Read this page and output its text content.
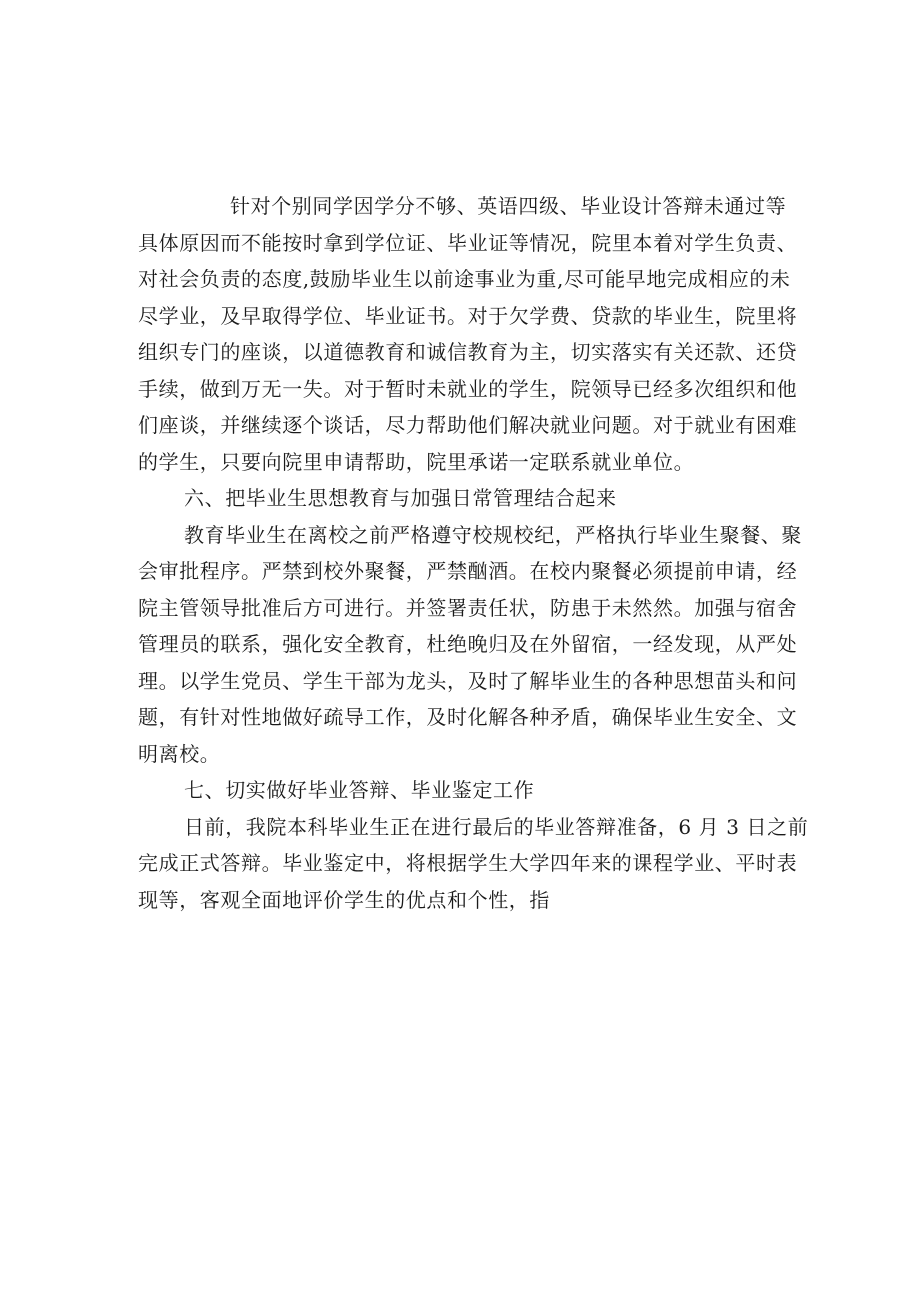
针对个别同学因学分不够、英语四级、毕业设计答辩未通过等
具体原因而不能按时拿到学位证、毕业证等情况，院里本着对学生负责、
对社会负责的态度,鼓励毕业生以前途事业为重,尽可能早地完成相应的未
尽学业，及早取得学位、毕业证书。对于欠学费、贷款的毕业生，院里将
组织专门的座谈，以道德教育和诚信教育为主，切实落实有关还款、还贷
手续，做到万无一失。对于暂时未就业的学生，院领导已经多次组织和他
们座谈，并继续逐个谈话，尽力帮助他们解决就业问题。对于就业有困难
的学生，只要向院里申请帮助，院里承诺一定联系就业单位。
六、把毕业生思想教育与加强日常管理结合起来
教育毕业生在离校之前严格遵守校规校纪，严格执行毕业生聚餐、聚
会审批程序。严禁到校外聚餐，严禁酗酒。在校内聚餐必须提前申请，经
院主管领导批准后方可进行。并签署责任状，防患于未然然。加强与宿舍
管理员的联系，强化安全教育，杜绝晚归及在外留宿，一经发现，从严处
理。以学生党员、学生干部为龙头，及时了解毕业生的各种思想苗头和问
题，有针对性地做好疏导工作，及时化解各种矛盾，确保毕业生安全、文
明离校。
七、切实做好毕业答辩、毕业鉴定工作
日前，我院本科毕业生正在进行最后的毕业答辩准备，6 月 3 日之前
完成正式答辩。毕业鉴定中，将根据学生大学四年来的课程学业、平时表
现等，客观全面地评价学生的优点和个性，指
